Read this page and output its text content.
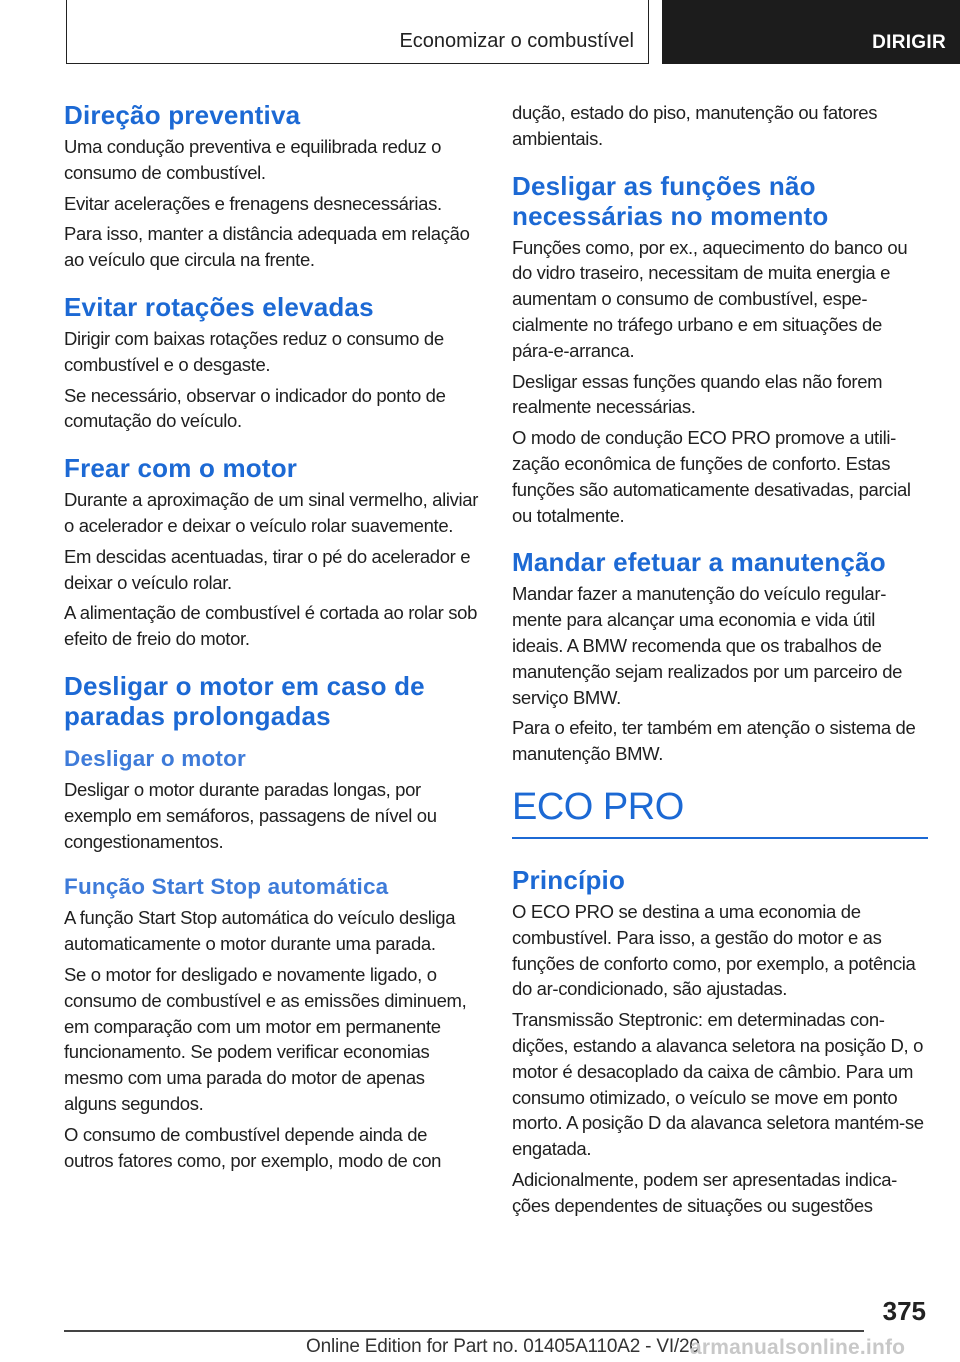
Economizar o combustível	DIRIGIR
Direção preventiva

Uma condução preventiva e equilibrada reduz o consumo de combustível.

Evitar acelerações e frenagens desnecessárias.

Para isso, manter a distância adequada em relação ao veículo que circula na frente.

Evitar rotações elevadas

Dirigir com baixas rotações reduz o consumo de combustível e o desgaste.

Se necessário, observar o indicador do ponto de comutação do veículo.

Frear com o motor

Durante a aproximação de um sinal vermelho, aliviar o acelerador e deixar o veículo rolar suavemente.

Em descidas acentuadas, tirar o pé do acelerador e deixar o veículo rolar.

A alimentação de combustível é cortada ao rolar sob efeito de freio do motor.

Desligar o motor em caso de paradas prolongadas
Desligar o motor

Desligar o motor durante paradas longas, por exemplo em semáforos, passagens de nível ou congestionamentos.

Função Start Stop automática

A função Start Stop automática do veículo desliga automaticamente o motor durante uma parada.

Se o motor for desligado e novamente ligado, o consumo de combustível e as emissões diminuem, em comparação com um motor em permanente funcionamento. Se podem verificar economias mesmo com uma parada do motor de apenas alguns segundos.

O consumo de combustível depende ainda de outros fatores como, por exemplo, modo de con

dução, estado do piso, manutenção ou fatores ambientais.

Desligar as funções não necessárias no momento

Funções como, por ex., aquecimento do banco ou do vidro traseiro, necessitam de muita energia e aumentam o consumo de combustível, especialmente no tráfego urbano e em situações de pára-e-arranca.

Desligar essas funções quando elas não forem realmente necessárias.

O modo de condução ECO PRO promove a utilização econômica de funções de conforto. Estas funções são automaticamente desativadas, parcial ou totalmente.

Mandar efetuar a manutenção

Mandar fazer a manutenção do veículo regularmente para alcançar uma economia e vida útil ideais. A BMW recomenda que os trabalhos de manutenção sejam realizados por um parceiro de serviço BMW.

Para o efeito, ter também em atenção o sistema de manutenção BMW.

ECO PRO
Princípio

O ECO PRO se destina a uma economia de combustível. Para isso, a gestão do motor e as funções de conforto como, por exemplo, a potência do ar-condicionado, são ajustadas.

Transmissão Steptronic: em determinadas condições, estando a alavanca seletora na posição D, o motor é desacoplado da caixa de câmbio. Para um consumo otimizado, o veículo se move em ponto morto. A posição D da alavanca seletora mantém-se engatada.

Adicionalmente, podem ser apresentadas indicações dependentes de situações ou sugestões

375
Online Edition for Part no. 01405A110A2 - VI/20
armanualsonline.info
